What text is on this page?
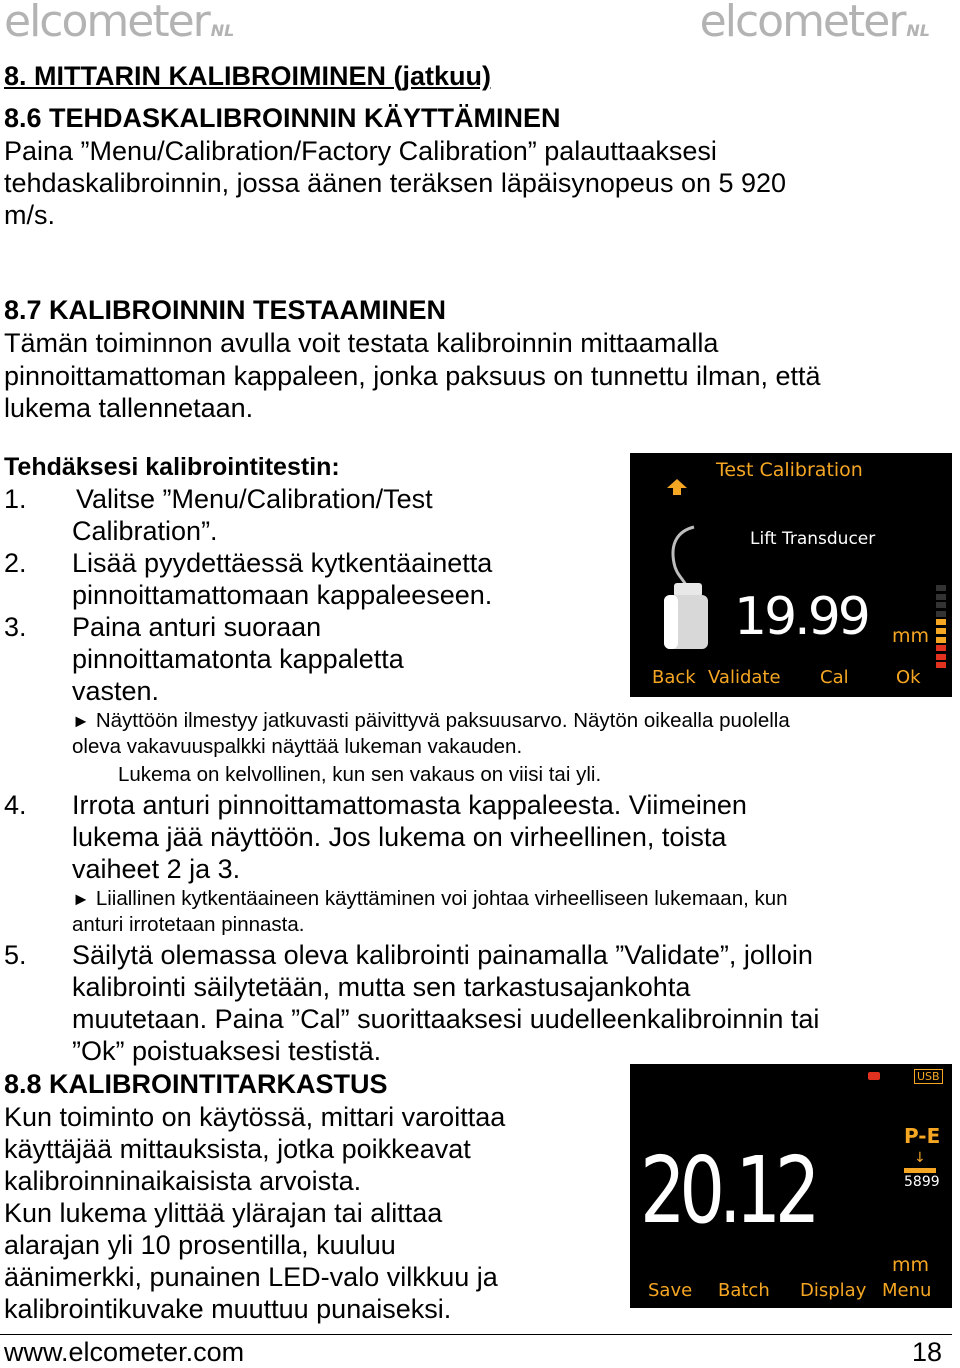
elcometer NL	elcometer NL
8. MITTARIN KALIBROIMINEN (jatkuu)
8.6 TEHDASKALIBROINNIN KÄYTTÄMINEN
Paina ”Menu/Calibration/Factory Calibration” palauttaaksesi
tehdaskalibroinnin, jossa äänen teräksen läpäisynopeus on 5 920
m/s.
8.7 KALIBROINNIN TESTAAMINEN
Tämän toiminnon avulla voit testata kalibroinnin mittaamalla
pinnoittamattoman kappaleen, jonka paksuus on tunnettu ilman, että
lukema tallennetaan.
Tehdäksesi kalibrointitestin:
1. Valitse ”Menu/Calibration/Test
Calibration”.
2. Lisää pyydettäessä kytkentäainetta
pinnoittamattomaan kappaleeseen.
3. Paina anturi suoraan
pinnoittamatonta kappaletta
vasten.
Test Calibration
Lift Transducer
19.99 mm
Back Validate Cal	Ok
► Näyttöön ilmestyy jatkuvasti päivittyvä paksuusarvo. Näytön oikealla puolella
oleva vakavuuspalkki näyttää lukeman vakauden.
Lukema on kelvollinen, kun sen vakaus on viisi tai yli.
4. Irrota anturi pinnoittamattomasta kappaleesta. Viimeinen
lukema jää näyttöön. Jos lukema on virheellinen, toista
vaiheet 2 ja 3.
► Liiallinen kytkentäaineen käyttäminen voi johtaa virheelliseen lukemaan, kun
anturi irrotetaan pinnasta.
5. Säilytä olemassa oleva kalibrointi painamalla ”Validate”, jolloin
kalibrointi säilytetään, mutta sen tarkastusajankohta
muutetaan. Paina ”Cal” suorittaaksesi uudelleenkalibroinnin tai
”Ok” poistuaksesi testistä.
8.8 KALIBROINTITARKASTUS
Kun toiminto on käytössä, mittari varoittaa
käyttäjää mittauksista, jotka poikkeavat
kalibroinninaikaisista arvoista.
Kun lukema ylittää ylärajan tai alittaa
alarajan yli 10 prosentilla, kuuluu
äänimerkki, punainen LED-valo vilkkuu ja
kalibrointikuvake muuttuu punaiseksi.
USB
P-E
↓
5899
20.12
mm
Save Batch Display Menu
www.elcometer.com	18
